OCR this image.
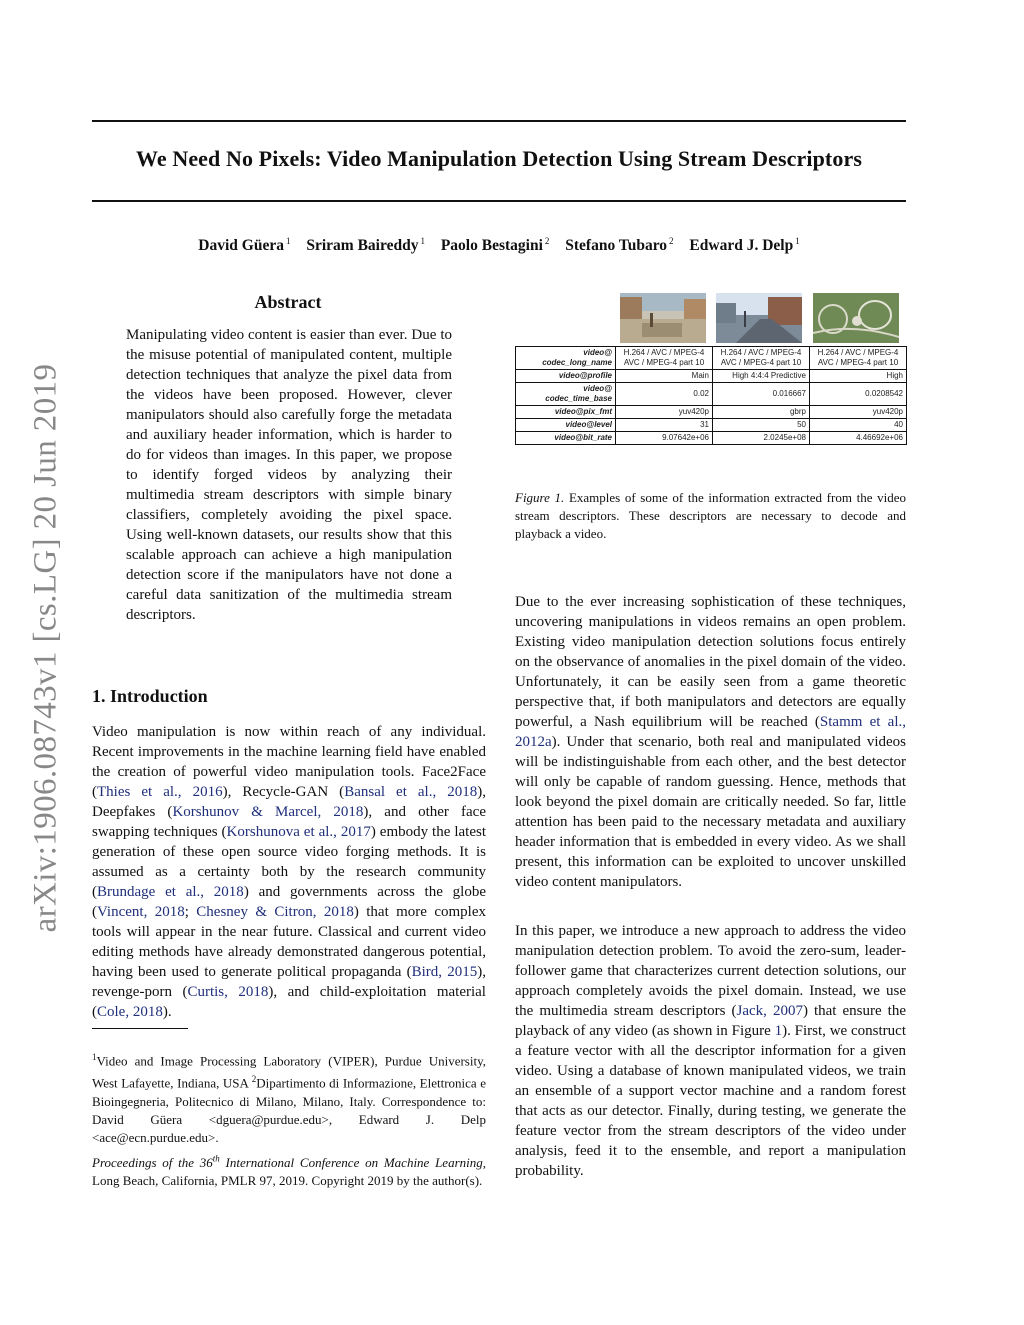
We Need No Pixels: Video Manipulation Detection Using Stream Descriptors
David Güera $^1$ Sriram Baireddy $^1$ Paolo Bestagini $^2$ Stefano Tubaro $^2$ Edward J. Delp $^1$
arXiv:1906.08743v1 [cs.LG] 20 Jun 2019
Abstract
Manipulating video content is easier than ever. Due to the misuse potential of manipulated content, multiple detection techniques that analyze the pixel data from the videos have been proposed. However, clever manipulators should also carefully forge the metadata and auxiliary header information, which is harder to do for videos than images. In this paper, we propose to identify forged videos by analyzing their multimedia stream descriptors with simple binary classifiers, completely avoiding the pixel space. Using well-known datasets, our results show that this scalable approach can achieve a high manipulation detection score if the manipulators have not done a careful data sanitization of the multimedia stream descriptors.
1. Introduction
Video manipulation is now within reach of any individual. Recent improvements in the machine learning field have enabled the creation of powerful video manipulation tools. Face2Face (Thies et al., 2016), Recycle-GAN (Bansal et al., 2018), Deepfakes (Korshunov & Marcel, 2018), and other face swapping techniques (Korshunova et al., 2017) embody the latest generation of these open source video forging methods. It is assumed as a certainty both by the research community (Brundage et al., 2018) and governments across the globe (Vincent, 2018; Chesney & Citron, 2018) that more complex tools will appear in the near future. Classical and current video editing methods have already demonstrated dangerous potential, having been used to generate political propaganda (Bird, 2015), revenge-porn (Curtis, 2018), and child-exploitation material (Cole, 2018).
$^1$Video and Image Processing Laboratory (VIPER), Purdue University, West Lafayette, Indiana, USA $^2$Dipartimento di Informazione, Elettronica e Bioingegneria, Politecnico di Milano, Milano, Italy. Correspondence to: David Güera <dguera@purdue.edu>, Edward J. Delp <ace@ecn.purdue.edu>.
Proceedings of the 36th International Conference on Machine Learning, Long Beach, California, PMLR 97, 2019. Copyright 2019 by the author(s).
video@ codec_long_name	H.264 / AVC / MPEG-4 AVC / MPEG-4 part 10	H.264 / AVC / MPEG-4 AVC / MPEG-4 part 10	H.264 / AVC / MPEG-4 AVC / MPEG-4 part 10
video@profile	Main	High 4:4:4 Predictive	High
video@ codec_time_base	0.02	0.016667	0.0208542
video@pix_fmt	yuv420p	gbrp	yuv420p
video@level	31	50	40
video@bit_rate	9.07642e+06	2.0245e+08	4.46692e+06
Figure 1. Examples of some of the information extracted from the video stream descriptors. These descriptors are necessary to decode and playback a video.
Due to the ever increasing sophistication of these techniques, uncovering manipulations in videos remains an open problem. Existing video manipulation detection solutions focus entirely on the observance of anomalies in the pixel domain of the video. Unfortunately, it can be easily seen from a game theoretic perspective that, if both manipulators and detectors are equally powerful, a Nash equilibrium will be reached (Stamm et al., 2012a). Under that scenario, both real and manipulated videos will be indistinguishable from each other, and the best detector will only be capable of random guessing. Hence, methods that look beyond the pixel domain are critically needed. So far, little attention has been paid to the necessary metadata and auxiliary header information that is embedded in every video. As we shall present, this information can be exploited to uncover unskilled video content manipulators.
In this paper, we introduce a new approach to address the video manipulation detection problem. To avoid the zero-sum, leader-follower game that characterizes current detection solutions, our approach completely avoids the pixel domain. Instead, we use the multimedia stream descriptors (Jack, 2007) that ensure the playback of any video (as shown in Figure 1). First, we construct a feature vector with all the descriptor information for a given video. Using a database of known manipulated videos, we train an ensemble of a support vector machine and a random forest that acts as our detector. Finally, during testing, we generate the feature vector from the stream descriptors of the video under analysis, feed it to the ensemble, and report a manipulation probability.
